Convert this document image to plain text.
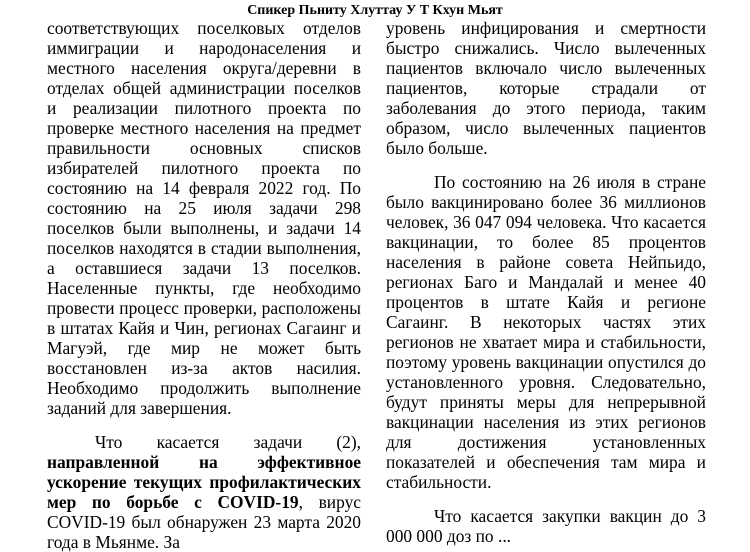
Спикер Пьниту Хлуттау У Т Кхун Мьят

соответствующих поселковых отделов иммиграции и народонаселения и местного населения округа/деревни в отделах общей администрации поселков и реализации пилотного проекта по проверке местного населения на предмет правильности основных списков избирателей пилотного проекта по состоянию на 14 февраля 2022 год. По состоянию на 25 июля задачи 298 поселков были выполнены, и задачи 14 поселков находятся в стадии выполнения, а оставшиеся задачи 13 поселков. Населенные пункты, где необходимо провести процесс проверки, расположены в штатах Кайя и Чин, регионах Сагаинг и Магуэй, где мир не может быть восстановлен из-за актов насилия. Необходимо продолжить выполнение заданий для завершения.

Что касается задачи (2), направленной на эффективное ускорение текущих профилактических мер по борьбе с COVID-19, вирус COVID-19 был обнаружен 23 марта 2020 года в Мьянме. За

уровень инфицирования и смертности быстро снижались. Число вылеченных пациентов включало число вылеченных пациентов, которые страдали от заболевания до этого периода, таким образом, число вылеченных пациентов было больше.

По состоянию на 26 июля в стране было вакцинировано более 36 миллионов человек, 36 047 094 человека. Что касается вакцинации, то более 85 процентов населения в районе совета Нейпьидо, регионах Баго и Мандалай и менее 40 процентов в штате Кайя и регионе Сагаинг. В некоторых частях этих регионов не хватает мира и стабильности, поэтому уровень вакцинации опустился до установленного уровня. Следовательно, будут приняты меры для непрерывной вакцинации населения из этих регионов для достижения установленных показателей и обеспечения там мира и стабильности.

Что касается закупки вакцин до 3 000 000 доз по ...
